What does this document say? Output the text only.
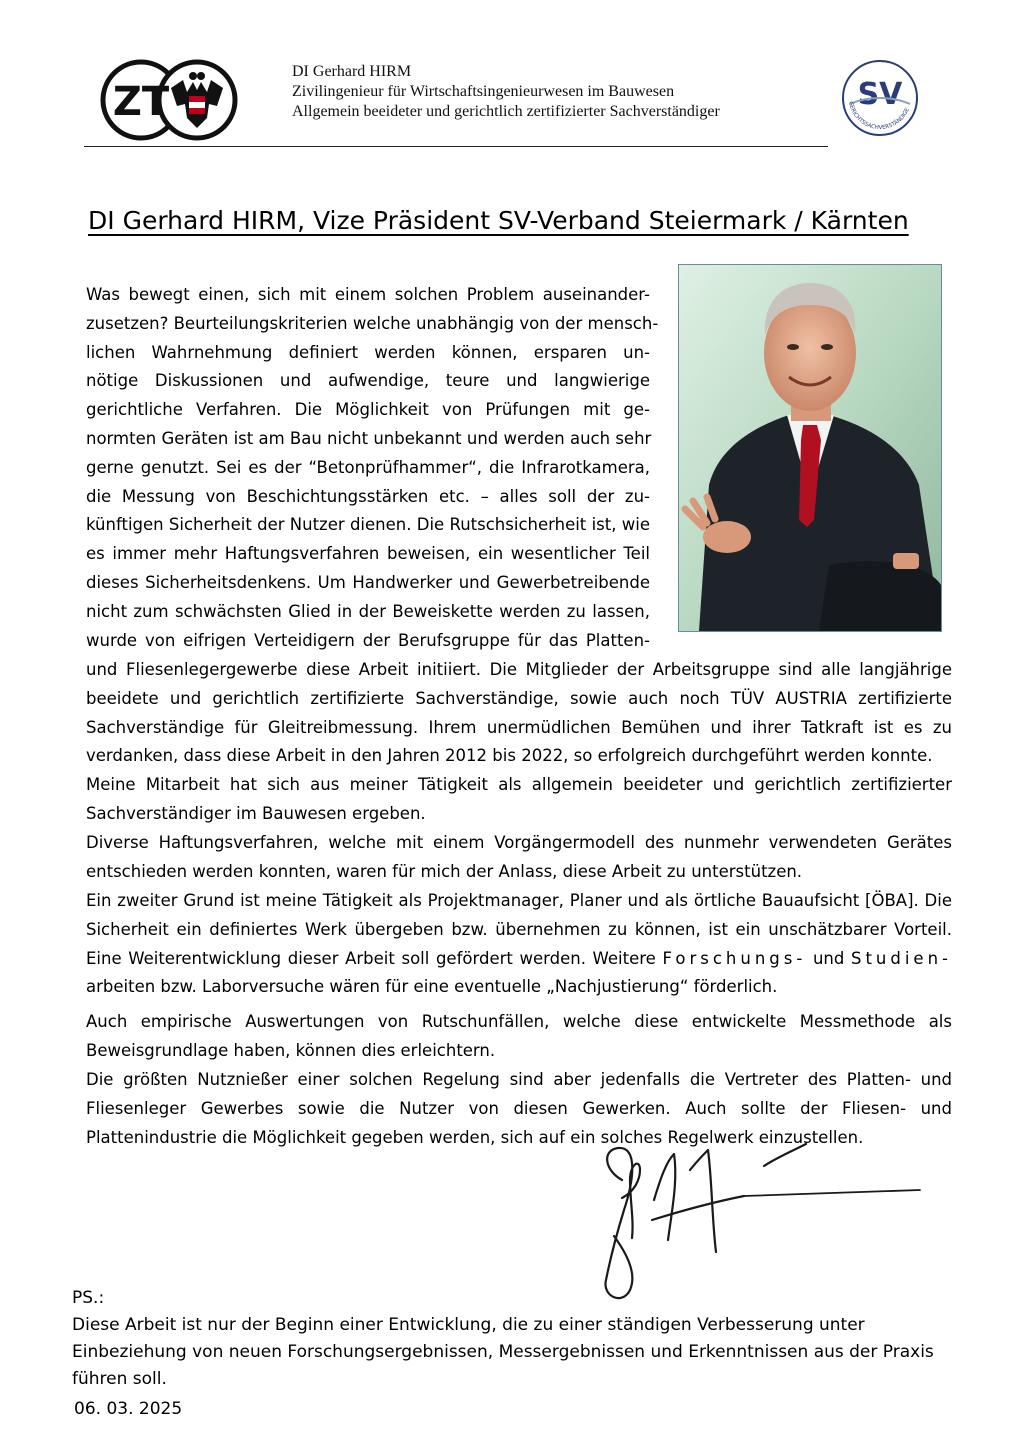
ZT
DI Gerhard HIRM
Zivilingenieur für Wirtschaftsingenieurwesen im Bauwesen
Allgemein beeideter und gerichtlich zertifizierter Sachverständiger	SV
GERICHTSSACHVERSTÄNDIGE
DI Gerhard HIRM, Vize Präsident SV-Verband Steiermark / Kärnten
Was bewegt einen, sich mit einem solchen Problem auseinander-
zusetzen? Beurteilungskriterien welche unabhängig von der mensch-
lichen Wahrnehmung definiert werden können, ersparen un-
nötige Diskussionen und aufwendige, teure und langwierige
gerichtliche Verfahren. Die Möglichkeit von Prüfungen mit ge-
normten Geräten ist am Bau nicht unbekannt und werden auch sehr
gerne genutzt. Sei es der “Betonprüfhammer“, die Infrarotkamera,
die Messung von Beschichtungsstärken etc. – alles soll der zu-
künftigen Sicherheit der Nutzer dienen. Die Rutschsicherheit ist, wie
es immer mehr Haftungsverfahren beweisen, ein wesentlicher Teil
dieses Sicherheitsdenkens. Um Handwerker und Gewerbetreibende
nicht zum schwächsten Glied in der Beweiskette werden zu lassen,
wurde von eifrigen Verteidigern der Berufsgruppe für das Platten-
und Fliesenlegergewerbe diese Arbeit initiiert. Die Mitglieder der Arbeitsgruppe sind alle langjährige
beeidete und gerichtlich zertifizierte Sachverständige, sowie auch noch TÜV AUSTRIA zertifizierte
Sachverständige für Gleitreibmessung. Ihrem unermüdlichen Bemühen und ihrer Tatkraft ist es zu
verdanken, dass diese Arbeit in den Jahren 2012 bis 2022, so erfolgreich durchgeführt werden konnte.
Meine Mitarbeit hat sich aus meiner Tätigkeit als allgemein beeideter und gerichtlich zertifizierter
Sachverständiger im Bauwesen ergeben.
Diverse Haftungsverfahren, welche mit einem Vorgängermodell des nunmehr verwendeten Gerätes
entschieden werden konnten, waren für mich der Anlass, diese Arbeit zu unterstützen.
Ein zweiter Grund ist meine Tätigkeit als Projektmanager, Planer und als örtliche Bauaufsicht [ÖBA]. Die
Sicherheit ein definiertes Werk übergeben bzw. übernehmen zu können, ist ein unschätzbarer Vorteil.
Eine Weiterentwicklung dieser Arbeit soll gefördert werden. Weitere Forschungs- und Studien-
arbeiten bzw. Laborversuche wären für eine eventuelle „Nachjustierung“ förderlich.
Auch empirische Auswertungen von Rutschunfällen, welche diese entwickelte Messmethode als
Beweisgrundlage haben, können dies erleichtern.
Die größten Nutznießer einer solchen Regelung sind aber jedenfalls die Vertreter des Platten- und
Fliesenleger Gewerbes sowie die Nutzer von diesen Gewerken. Auch sollte der Fliesen- und
Plattenindustrie die Möglichkeit gegeben werden, sich auf ein solches Regelwerk einzustellen.
PS.:
Diese Arbeit ist nur der Beginn einer Entwicklung, die zu einer ständigen Verbesserung unter
Einbeziehung von neuen Forschungsergebnissen, Messergebnissen und Erkenntnissen aus der Praxis
führen soll.
06. 03. 2025
